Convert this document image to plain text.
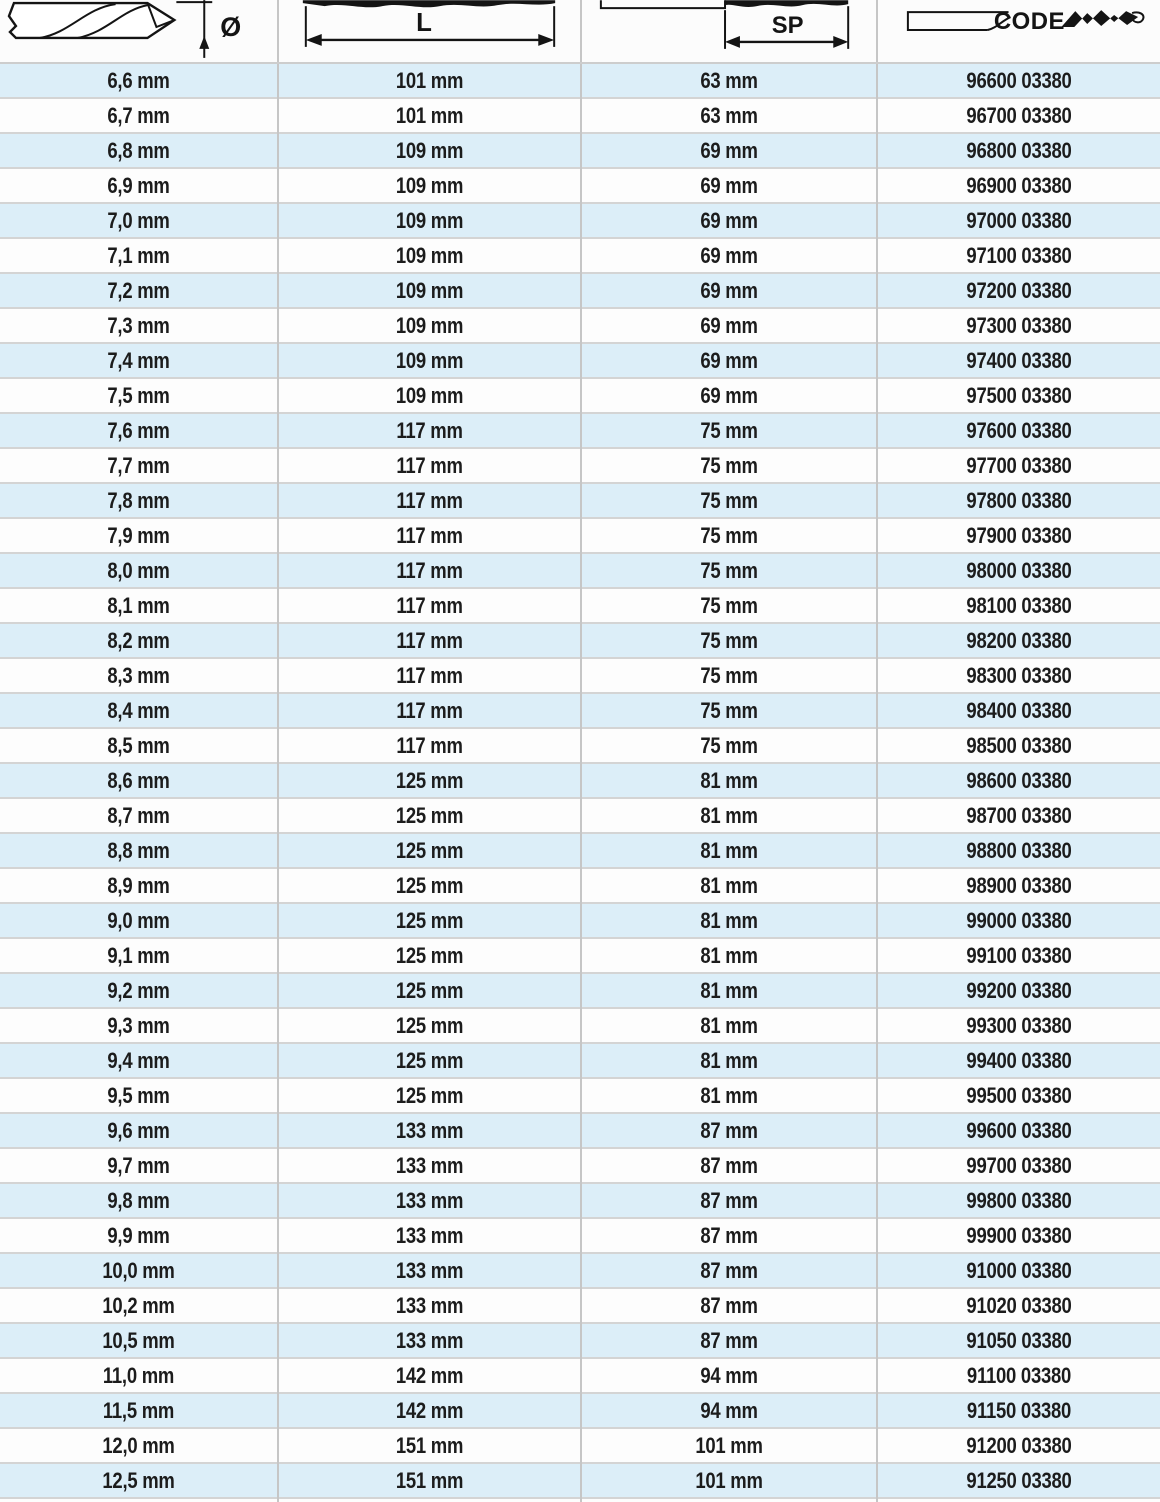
Ø	L	SP	CODE

6,6 mm	101 mm	63 mm	96600 03380

6,7 mm	101 mm	63 mm	96700 03380

6,8 mm	109 mm	69 mm	96800 03380

6,9 mm	109 mm	69 mm	96900 03380

7,0 mm	109 mm	69 mm	97000 03380

7,1 mm	109 mm	69 mm	97100 03380

7,2 mm	109 mm	69 mm	97200 03380

7,3 mm	109 mm	69 mm	97300 03380

7,4 mm	109 mm	69 mm	97400 03380

7,5 mm	109 mm	69 mm	97500 03380

7,6 mm	117 mm	75 mm	97600 03380

7,7 mm	117 mm	75 mm	97700 03380

7,8 mm	117 mm	75 mm	97800 03380

7,9 mm	117 mm	75 mm	97900 03380

8,0 mm	117 mm	75 mm	98000 03380

8,1 mm	117 mm	75 mm	98100 03380

8,2 mm	117 mm	75 mm	98200 03380

8,3 mm	117 mm	75 mm	98300 03380

8,4 mm	117 mm	75 mm	98400 03380

8,5 mm	117 mm	75 mm	98500 03380

8,6 mm	125 mm	81 mm	98600 03380

8,7 mm	125 mm	81 mm	98700 03380

8,8 mm	125 mm	81 mm	98800 03380

8,9 mm	125 mm	81 mm	98900 03380

9,0 mm	125 mm	81 mm	99000 03380

9,1 mm	125 mm	81 mm	99100 03380

9,2 mm	125 mm	81 mm	99200 03380

9,3 mm	125 mm	81 mm	99300 03380

9,4 mm	125 mm	81 mm	99400 03380

9,5 mm	125 mm	81 mm	99500 03380

9,6 mm	133 mm	87 mm	99600 03380

9,7 mm	133 mm	87 mm	99700 03380

9,8 mm	133 mm	87 mm	99800 03380

9,9 mm	133 mm	87 mm	99900 03380

10,0 mm	133 mm	87 mm	91000 03380

10,2 mm	133 mm	87 mm	91020 03380

10,5 mm	133 mm	87 mm	91050 03380

11,0 mm	142 mm	94 mm	91100 03380

11,5 mm	142 mm	94 mm	91150 03380

12,0 mm	151 mm	101 mm	91200 03380

12,5 mm	151 mm	101 mm	91250 03380
